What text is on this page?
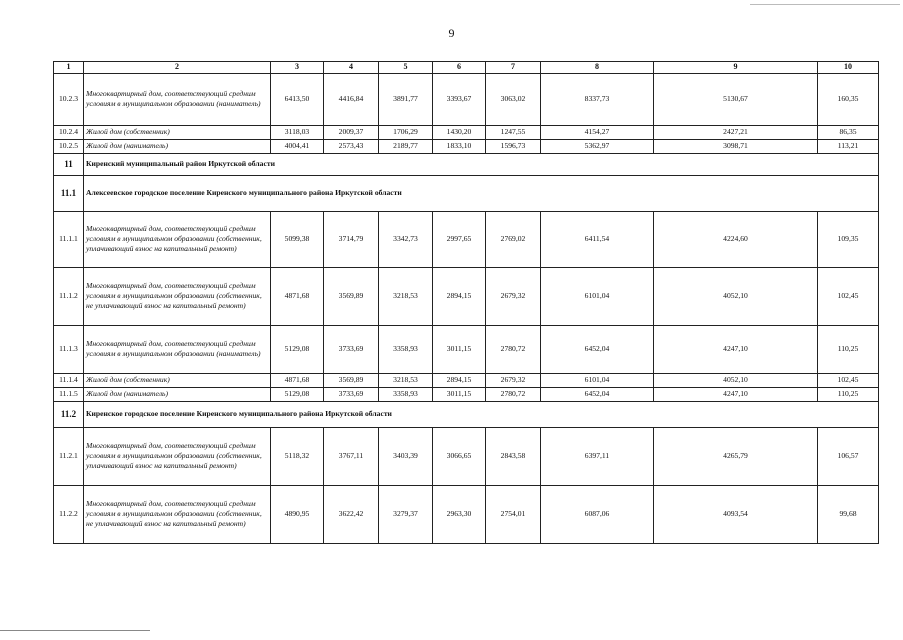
9
1	2	3	4	5	6	7	8	9	10
10.2.3	Многоквартирный дом, соответствующий средним условиям в муниципальном образовании (наниматель)	6413,50	4416,84	3891,77	3393,67	3063,02	8337,73	5130,67	160,35
10.2.4	Жилой дом (собственник)	3118,03	2009,37	1706,29	1430,20	1247,55	4154,27	2427,21	86,35
10.2.5	Жилой дом (наниматель)	4004,41	2573,43	2189,77	1833,10	1596,73	5362,97	3098,71	113,21
11	Киренский муниципальный район Иркутской области								
11.1	Алексеевское городское поселение Киренского муниципального района Иркутской области								
11.1.1	Многоквартирный дом, соответствующий средним условиям в муниципальном образовании (собственник, уплачивающий взнос на капитальный ремонт)	5099,38	3714,79	3342,73	2997,65	2769,02	6411,54	4224,60	109,35
11.1.2	Многоквартирный дом, соответствующий средним условиям в муниципальном образовании (собственник, не уплачивающий взнос на капитальный ремонт)	4871,68	3569,89	3218,53	2894,15	2679,32	6101,04	4052,10	102,45
11.1.3	Многоквартирный дом, соответствующий средним условиям в муниципальном образовании (наниматель)	5129,08	3733,69	3358,93	3011,15	2780,72	6452,04	4247,10	110,25
11.1.4	Жилой дом (собственник)	4871,68	3569,89	3218,53	2894,15	2679,32	6101,04	4052,10	102,45
11.1.5	Жилой дом (наниматель)	5129,08	3733,69	3358,93	3011,15	2780,72	6452,04	4247,10	110,25
11.2	Киренское городское поселение Киренского муниципального района Иркутской области								
11.2.1	Многоквартирный дом, соответствующий средним условиям в муниципальном образовании (собственник, уплачивающий взнос на капитальный ремонт)	5118,32	3767,11	3403,39	3066,65	2843,58	6397,11	4265,79	106,57
11.2.2	Многоквартирный дом, соответствующий средним условиям в муниципальном образовании (собственник, не уплачивающий взнос на капитальный ремонт)	4890,95	3622,42	3279,37	2963,30	2754,01	6087,06	4093,54	99,68
